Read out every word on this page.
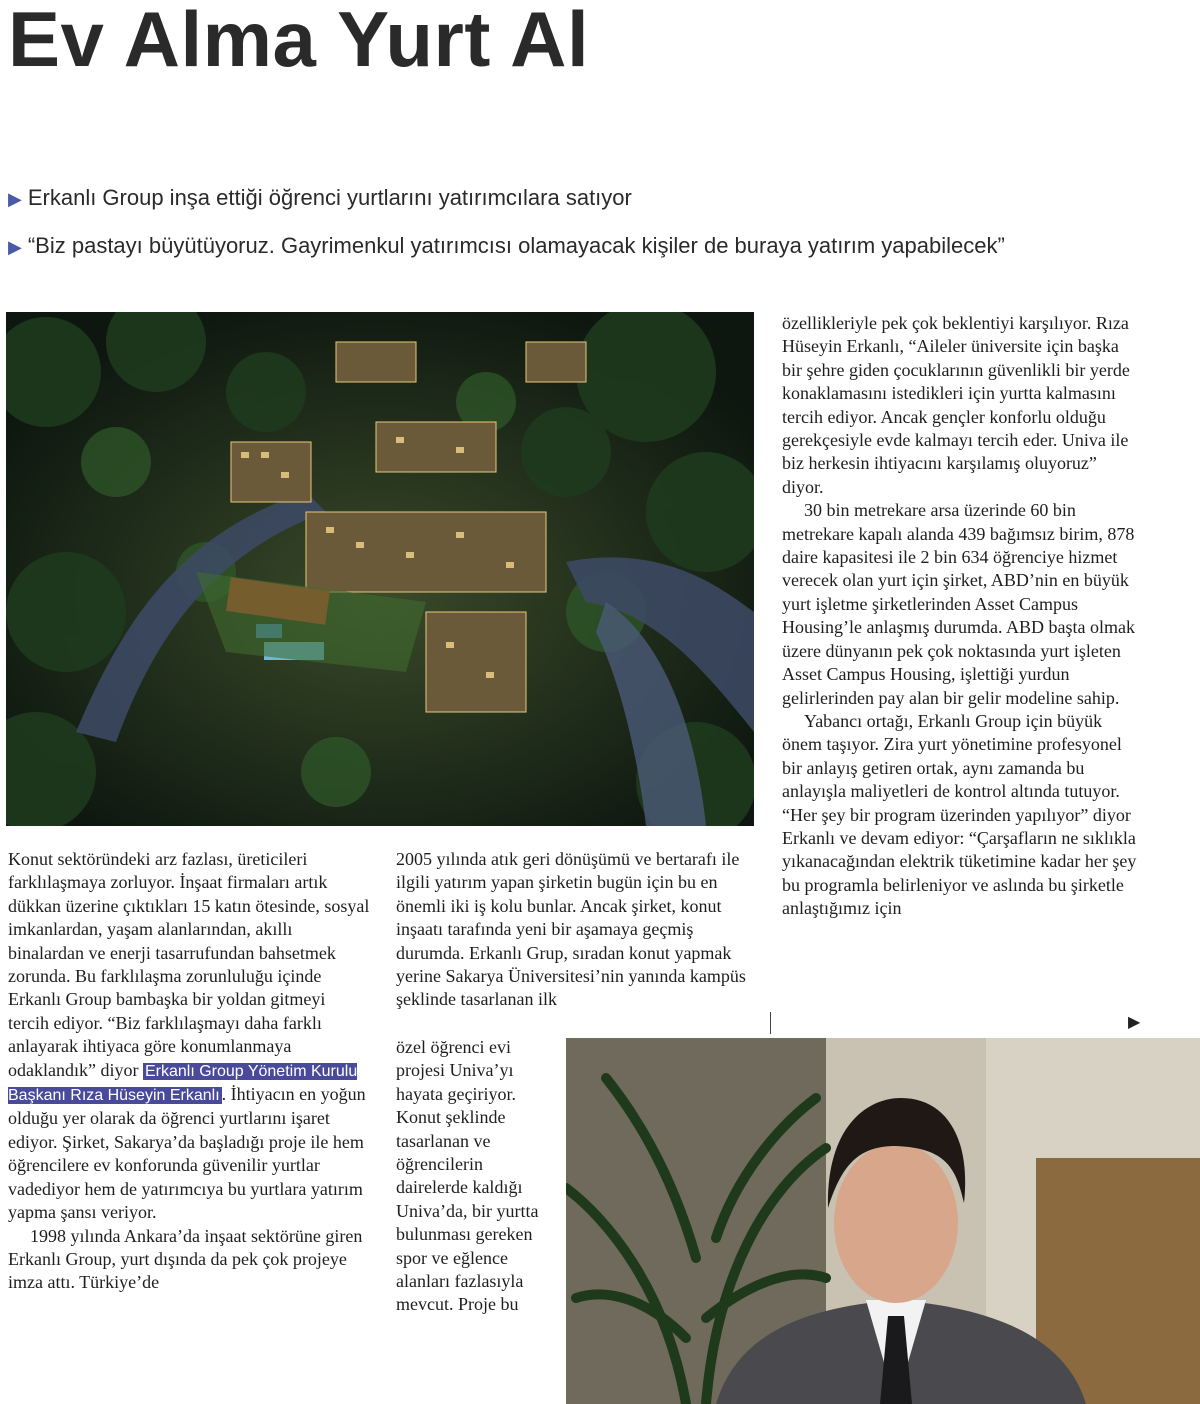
Ev Alma Yurt Al
▶ Erkanlı Group inşa ettiği öğrenci yurtlarını yatırımcılara satıyor
▶ “Biz pastayı büyütüyoruz. Gayrimenkul yatırımcısı olamayacak kişiler de buraya yatırım yapabilecek”

Konut sektöründeki arz fazlası, üreticileri farklılaşmaya zorluyor. İnşaat firmaları artık dükkan üzerine çıktıkları 15 katın ötesinde, sosyal imkanlardan, yaşam alanlarından, akıllı binalardan ve enerji tasarrufundan bahsetmek zorunda. Bu farklılaşma zorunluluğu içinde Erkanlı Group bambaşka bir yoldan gitmeyi tercih ediyor. “Biz farklılaşmayı daha farklı anlayarak ihtiyaca göre konumlanmaya odaklandık” diyor Erkanlı Group Yönetim Kurulu Başkanı Rıza Hüseyin Erkanlı . İhtiyacın en yoğun olduğu yer olarak da öğrenci yurtlarını işaret ediyor. Şirket, Sakarya’da başladığı proje ile hem öğrencilere ev konforunda güvenilir yurtlar vadediyor hem de yatırımcıya bu yurtlara yatırım yapma şansı veriyor.

1998 yılında Ankara’da inşaat sektörüne giren Erkanlı Group, yurt dışında da pek çok projeye imza attı. Türkiye’de

2005 yılında atık geri dönüşümü ve bertarafı ile ilgili yatırım yapan şirketin bugün için bu en önemli iki iş kolu bunlar. Ancak şirket, konut inşaatı tarafında yeni bir aşamaya geçmiş durumda. Erkanlı Grup, sıradan konut yapmak yerine Sakarya Üniversitesi’nin yanında kampüs şeklinde tasarlanan ilk

özel öğrenci evi projesi Univa’yı hayata geçiriyor. Konut şeklinde tasarlanan ve öğrencilerin dairelerde kaldığı Univa’da, bir yurtta bulunması gereken spor ve eğlence alanları fazlasıyla mevcut. Proje bu

özellikleriyle pek çok beklentiyi karşılıyor. Rıza Hüseyin Erkanlı, “Aileler üniversite için başka bir şehre giden çocuklarının güvenlikli bir yerde konaklamasını istedikleri için yurtta kalmasını tercih ediyor. Ancak gençler konforlu olduğu gerekçesiyle evde kalmayı tercih eder. Univa ile biz herkesin ihtiyacını karşılamış oluyoruz” diyor.

30 bin metrekare arsa üzerinde 60 bin metrekare kapalı alanda 439 bağımsız birim, 878 daire kapasitesi ile 2 bin 634 öğrenciye hizmet verecek olan yurt için şirket, ABD’nin en büyük yurt işletme şirketlerinden Asset Campus Housing’le anlaşmış durumda. ABD başta olmak üzere dünyanın pek çok noktasında yurt işleten Asset Campus Housing, işlettiği yurdun gelirlerinden pay alan bir gelir modeline sahip.

Yabancı ortağı, Erkanlı Group için büyük önem taşıyor. Zira yurt yönetimine profesyonel bir anlayış getiren ortak, aynı zamanda bu anlayışla maliyetleri de kontrol altında tutuyor. “Her şey bir program üzerinden yapılıyor” diyor Erkanlı ve devam ediyor: “Çarşafların ne sıklıkla yıkanacağından elektrik tüketimine kadar her şey bu programla belirleniyor ve aslında bu şirketle anlaştığımız için

▶
